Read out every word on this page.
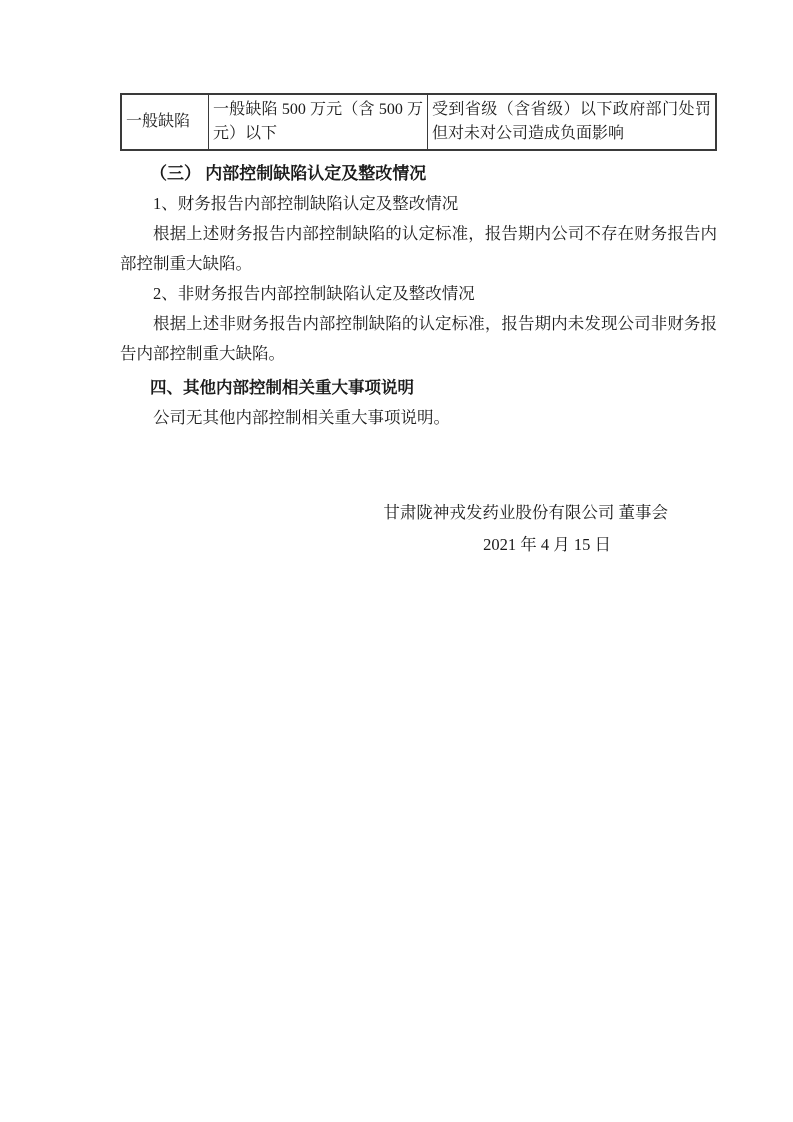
一般缺陷	一般缺陷 500 万元（含 500 万元）以下	受到省级（含省级）以下政府部门处罚但对未对公司造成负面影响

（三） 内部控制缺陷认定及整改情况

1、财务报告内部控制缺陷认定及整改情况

根据上述财务报告内部控制缺陷的认定标准，报告期内公司不存在财务报告内部控制重大缺陷。

2、非财务报告内部控制缺陷认定及整改情况

根据上述非财务报告内部控制缺陷的认定标准，报告期内未发现公司非财务报告内部控制重大缺陷。

四、其他内部控制相关重大事项说明

公司无其他内部控制相关重大事项说明。

甘肃陇神戎发药业股份有限公司 董事会
2021 年 4 月 15 日
